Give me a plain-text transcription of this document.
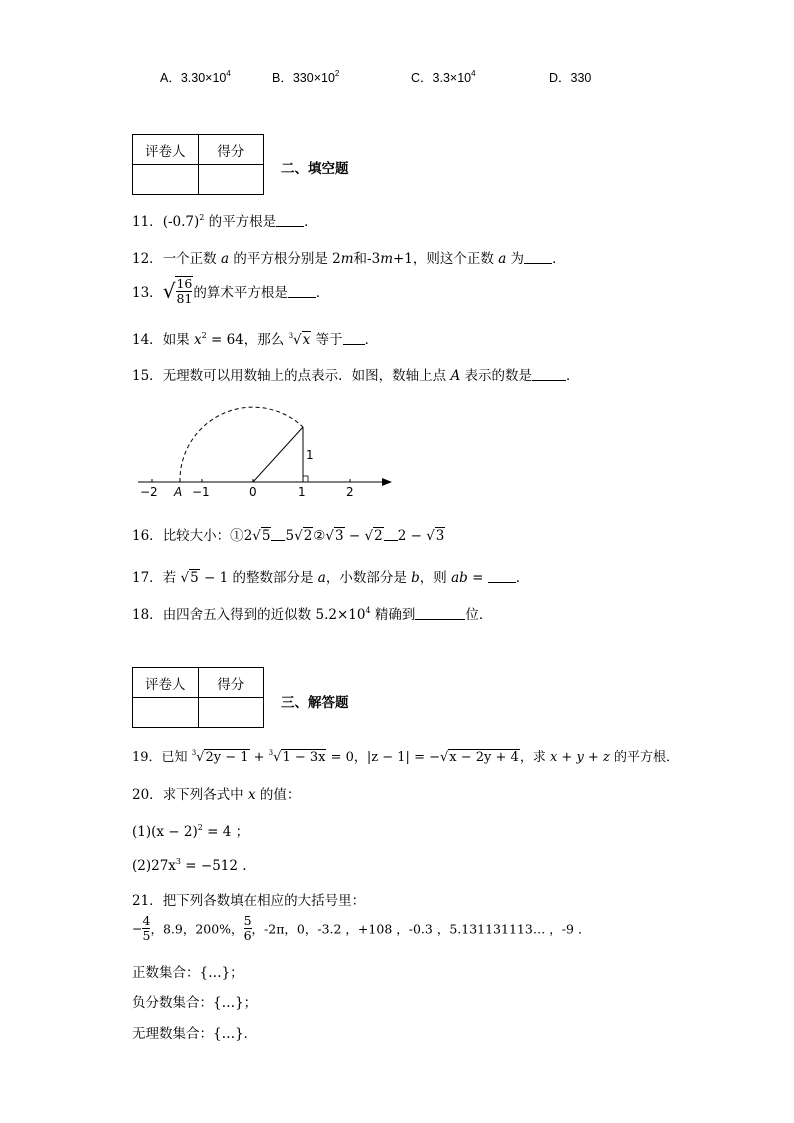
A．$3.30\times 10^4$	B．$330\times 10^2$	C．$3.3\times 10^4$	D．330
评卷人	得分

二、填空题
11．$(-0.7)^2$ 的平方根是 ．
12．一个正数 a 的平方根分别是 2m和-3m+1，则这个正数 a 为 ．
13．√ $\frac{16}{81}$ 的算术平方根是 ．
14．如果 $x^2 = 64$，那么 $^3$√x 等于 ．
15．无理数可以用数轴上的点表示．如图，数轴上点 A 表示的数是	．
−2 A −1	0	1	2
1
16．比较大小：①2√5 5√2②√3 − √2 2 − √3
17．若 √5 − 1 的整数部分是 a，小数部分是 b，则 ab = ．
18．由四舍五入得到的近似数 $5.2\times 10^4$ 精确到	位．
评卷人	得分

三、解答题
19．已知 $^3$√2y − 1 + $^3$√1 − 3x = 0，|z − 1| = −√x − 2y + 4，求 x + y + z 的平方根．
20．求下列各式中 x 的值：
$(1)(x - 2)^2 = 4$ ；
$(2)27x^3 = -512$ .
21．把下列各数填在相应的大括号里：
− $\frac{4}{5}$ ，8.9，200%， $\frac{5}{6}$ ，-2π，0，-3.2 ，+108 ，-0.3 ，5.131131113… ，-9 ．
正数集合：{…}；
负分数集合：{…}；
无理数集合：{…}．
